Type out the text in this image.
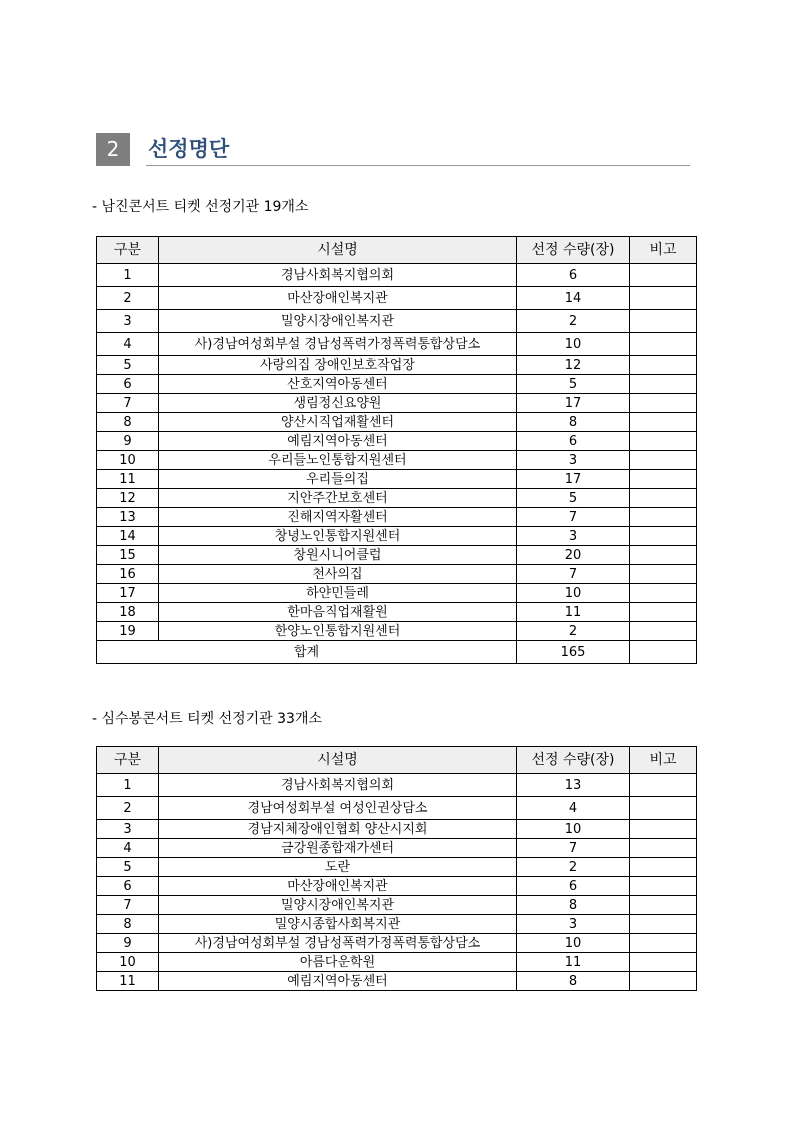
2	선정명단
- 남진콘서트 티켓 선정기관 19개소
구분	시설명	선정 수량(장)	비고
1	경남사회복지협의회	6	
2	마산장애인복지관	14	
3	밀양시장애인복지관	2	
4	사)경남여성회부설 경남성폭력가정폭력통합상담소	10	
5	사랑의집 장애인보호작업장	12	
6	산호지역아동센터	5	
7	생림정신요양원	17	
8	양산시직업재활센터	8	
9	예림지역아동센터	6	
10	우리들노인통합지원센터	3	
11	우리들의집	17	
12	지안주간보호센터	5	
13	진해지역자활센터	7	
14	창녕노인통합지원센터	3	
15	창원시니어클럽	20	
16	천사의집	7	
17	하얀민들레	10	
18	한마음직업재활원	11	
19	한양노인통합지원센터	2	
합계		165	
- 심수봉콘서트 티켓 선정기관 33개소
구분	시설명	선정 수량(장)	비고
1	경남사회복지협의회	13	
2	경남여성회부설 여성인권상담소	4	
3	경남지체장애인협회 양산시지회	10	
4	금강원종합재가센터	7	
5	도란	2	
6	마산장애인복지관	6	
7	밀양시장애인복지관	8	
8	밀양시종합사회복지관	3	
9	사)경남여성회부설 경남성폭력가정폭력통합상담소	10	
10	아름다운학원	11	
11	예림지역아동센터	8	
